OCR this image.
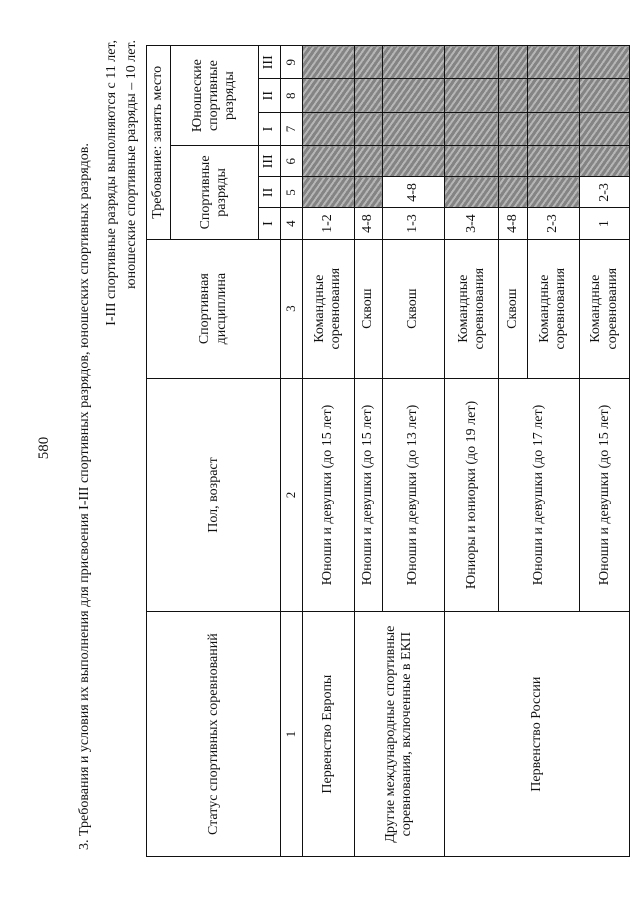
580 3. Требования и условия их выполнения для присвоения I-III спортивных разрядов, юношеских спортивных разрядов. I-III спортивные разряды выполняются с 11 лет, юношеские спортивные разряды – 10 лет.
Статус спортивных соревнований	Пол, возраст	Спортивная дисциплина	Требование: занять место					
			Спортивные разряды			Юношеские спортивные разряды		
			I	II	III	I	II	III
1	2	3	4	5	6	7	8	9
Первенство Европы	Юноши и девушки (до 15 лет)	Командные соревнования	1-2					
Другие международные спортивные соревнования, включенные в ЕКП	Юноши и девушки (до 15 лет)	Сквош	4-8					
	Юноши и девушки (до 13 лет)	Сквош	1-3	4-8				
Первенство России	Юниоры и юниорки (до 19 лет)	Командные соревнования	3-4					
	Юноши и девушки (до 17 лет)	Сквош	4-8					
		Командные соревнования	2-3					
	Юноши и девушки (до 15 лет)	Командные соревнования	1	2-3				
